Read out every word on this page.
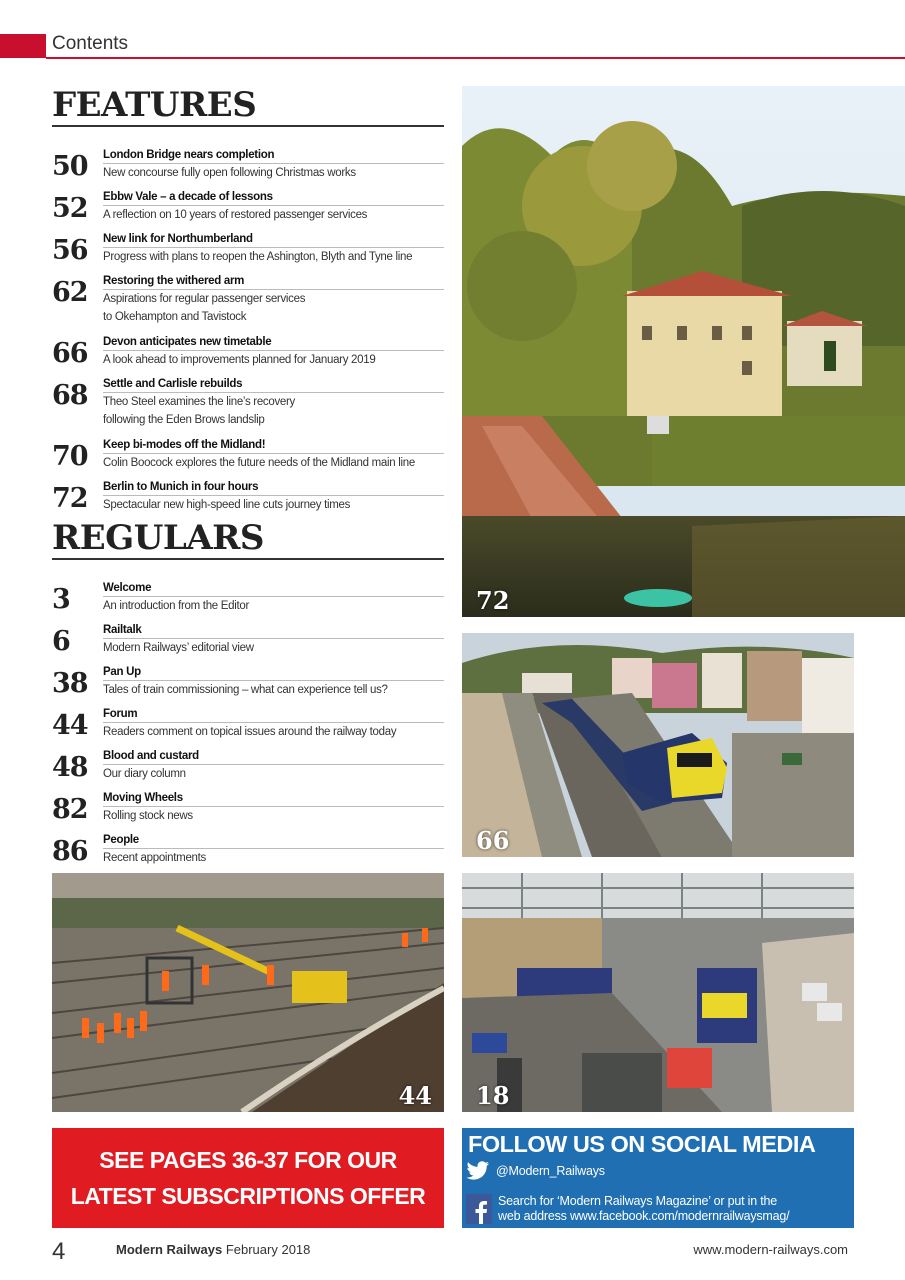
Contents
FEATURES
50	London Bridge nears completion
New concourse fully open following Christmas works
52	Ebbw Vale – a decade of lessons
A reflection on 10 years of restored passenger services
56	New link for Northumberland
Progress with plans to reopen the Ashington, Blyth and Tyne line
62	Restoring the withered arm
Aspirations for regular passenger services
to Okehampton and Tavistock
66	Devon anticipates new timetable
A look ahead to improvements planned for January 2019
68	Settle and Carlisle rebuilds
Theo Steel examines the line’s recovery
following the Eden Brows landslip
70	Keep bi-modes off the Midland!
Colin Boocock explores the future needs of the Midland main line
72	Berlin to Munich in four hours
Spectacular new high-speed line cuts journey times
REGULARS
3	Welcome
An introduction from the Editor
6	Railtalk
Modern Railways’ editorial view
38	Pan Up
Tales of train commissioning – what can experience tell us?
44	Forum
Readers comment on topical issues around the railway today
48	Blood and custard
Our diary column
82	Moving Wheels
Rolling stock news
86	People
Recent appointments
72
66
44 18
SEE PAGES 36-37 FOR OUR
LATEST SUBSCRIPTIONS OFFER
FOLLOW US ON SOCIAL MEDIA
@Modern_Railways
Search for ‘Modern Railways Magazine’ or put in the
web address www.facebook.com/modernrailwaysmag/
4	Modern Railways February 2018	www.modern-railways.com
